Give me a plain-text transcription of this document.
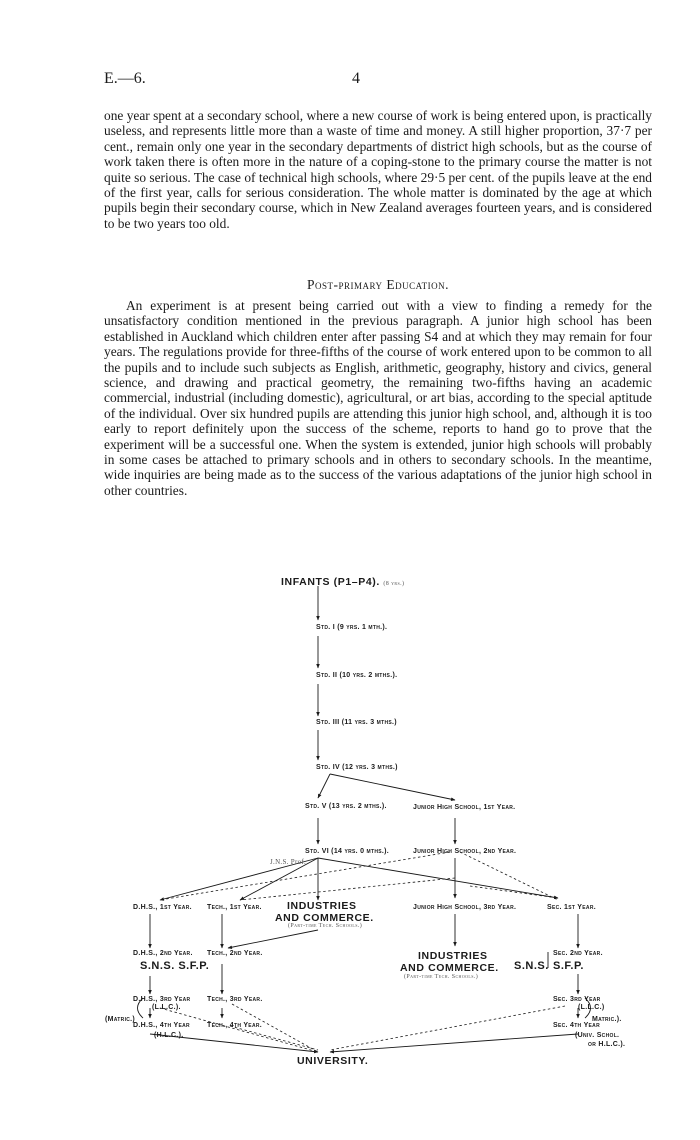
E.—6.	4
one year spent at a secondary school, where a new course of work is being entered upon, is practically useless, and represents little more than a waste of time and money. A still higher proportion, 37·7 per cent., remain only one year in the secondary departments of district high schools, but as the course of work taken there is often more in the nature of a coping-stone to the primary course the matter is not quite so serious. The case of technical high schools, where 29·5 per cent. of the pupils leave at the end of the first year, calls for serious consideration. The whole matter is dominated by the age at which pupils begin their secondary course, which in New Zealand averages fourteen years, and is considered to be two years too old.
Post-primary Education.
An experiment is at present being carried out with a view to finding a remedy for the unsatisfactory condition mentioned in the previous paragraph. A junior high school has been established in Auckland which children enter after passing S4 and at which they may remain for four years. The regulations provide for three-fifths of the course of work entered upon to be common to all the pupils and to include such subjects as English, arithmetic, geography, history and civics, general science, and drawing and practical geometry, the remaining two-fifths having an academic commercial, industrial (including domestic), agricultural, or art bias, according to the special aptitude of the individual. Over six hundred pupils are attending this junior high school, and, although it is too early to report definitely upon the success of the scheme, reports to hand go to prove that the experiment will be a successful one. When the system is extended, junior high schools will probably in some cases be attached to primary schools and in others to secondary schools. In the meantime, wide inquiries are being made as to the success of the various adaptations of the junior high school in other countries.
INFANTS (P1–P4). (8 yrs.)
Std. I (9 yrs. 1 mth.).
Std. II (10 yrs. 2 mths.).
Std. III (11 yrs. 3 mths.)
Std. IV (12 yrs. 3 mths.)
Std. V (13 yrs. 2 mths.).	Junior High School, 1st Year.
Std. VI (14 yrs. 0 mths.).	Junior High School, 2nd Year.
J.N.S. Prof.
D.H.S., 1st Year. Tech., 1st Year. INDUSTRIES
AND COMMERCE.
(Part-time Tech. Schools.)
Junior High School, 3rd Year.	Sec. 1st Year.
D.H.S., 2nd Year.
S.N.S. S.F.P.
Tech., 2nd Year.	INDUSTRIES
AND COMMERCE.
(Part-time Tech. Schools.)
Sec. 2nd Year.
S.N.S. S.F.P.
D.H.S., 3rd Year Tech., 3rd Year.	Sec. 3rd Year
(L.L.C.).	(L.L.C.)
(Matric.)	Matric.).
D.H.S., 4th Year Tech., 4th Year.	Sec. 4th Year
(H.L.C.).	(Univ. Schol.
or H.L.C.).
UNIVERSITY.
